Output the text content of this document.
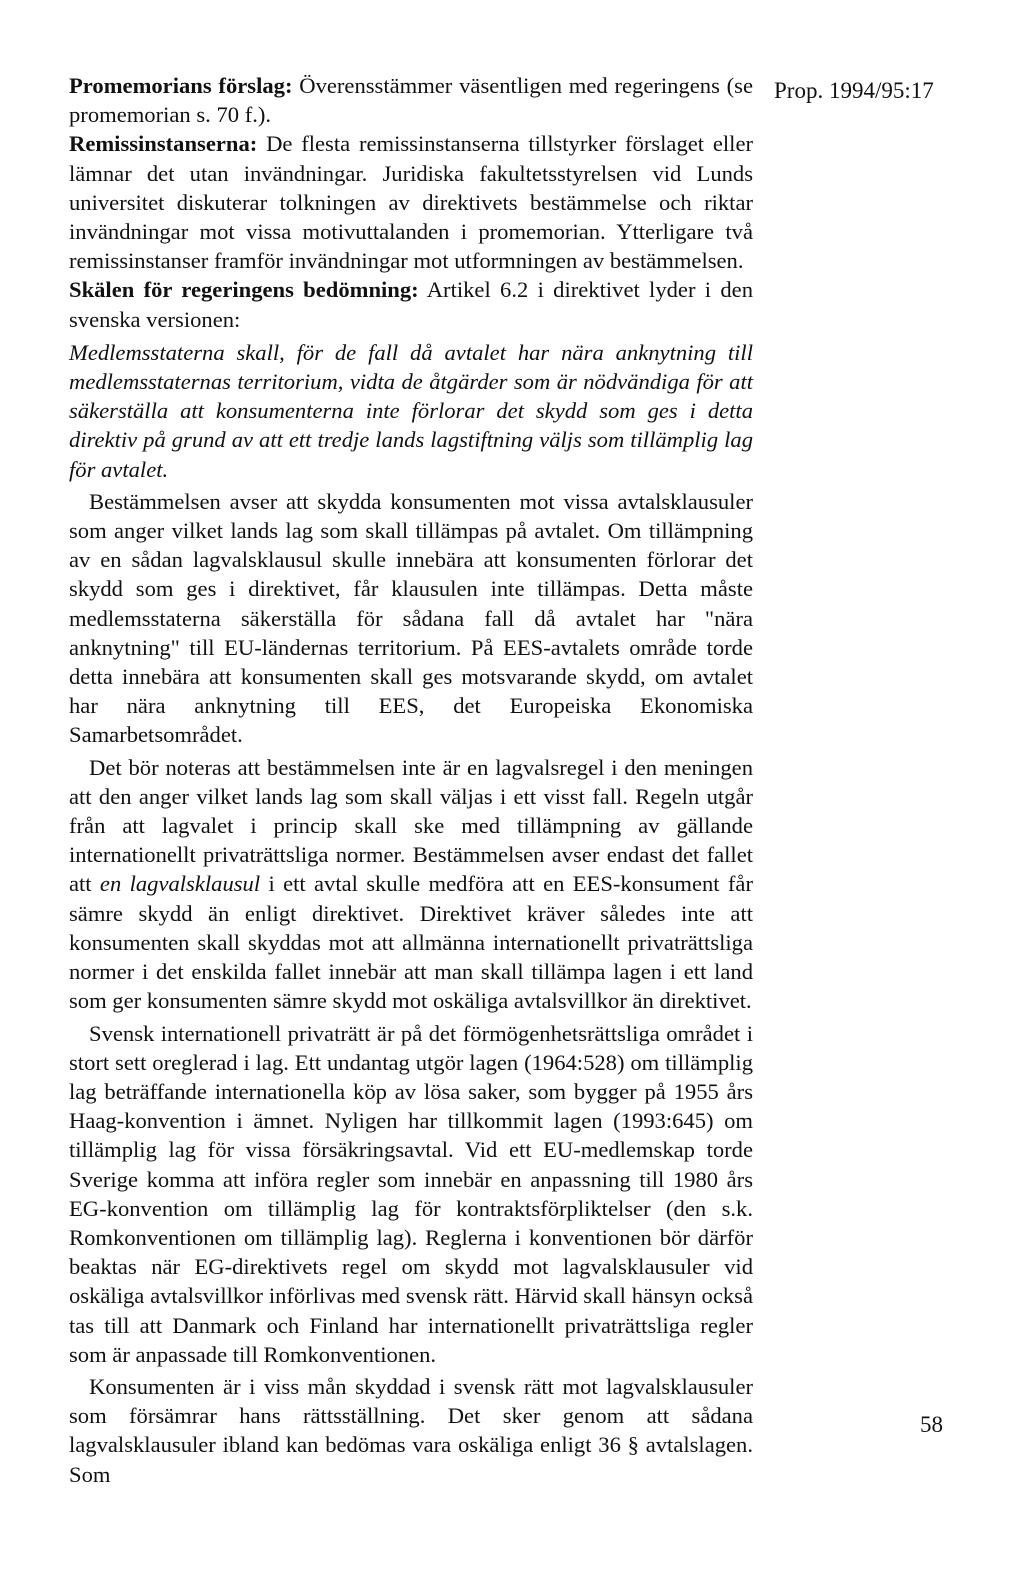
Promemorians förslag: Överensstämmer väsentligen med regeringens (se promemorian s. 70 f.).

Remissinstanserna: De flesta remissinstanserna tillstyrker förslaget eller lämnar det utan invändningar. Juridiska fakultetsstyrelsen vid Lunds universitet diskuterar tolkningen av direktivets bestämmelse och riktar invändningar mot vissa motivuttalanden i promemorian. Ytterligare två remissinstanser framför invändningar mot utformningen av bestämmelsen.

Skälen för regeringens bedömning: Artikel 6.2 i direktivet lyder i den svenska versionen:

Medlemsstaterna skall, för de fall då avtalet har nära anknytning till medlemsstaternas territorium, vidta de åtgärder som är nödvändiga för att säkerställa att konsumenterna inte förlorar det skydd som ges i detta direktiv på grund av att ett tredje lands lagstiftning väljs som tillämplig lag för avtalet.

Bestämmelsen avser att skydda konsumenten mot vissa avtalsklausuler som anger vilket lands lag som skall tillämpas på avtalet. Om tillämpning av en sådan lagvalsklausul skulle innebära att konsumenten förlorar det skydd som ges i direktivet, får klausulen inte tillämpas. Detta måste medlemsstaterna säkerställa för sådana fall då avtalet har "nära anknytning" till EU-ländernas territorium. På EES-avtalets område torde detta innebära att konsumenten skall ges motsvarande skydd, om avtalet har nära anknytning till EES, det Europeiska Ekonomiska Samarbetsområdet.

Det bör noteras att bestämmelsen inte är en lagvalsregel i den meningen att den anger vilket lands lag som skall väljas i ett visst fall. Regeln utgår från att lagvalet i princip skall ske med tillämpning av gällande internationellt privaträttsliga normer. Bestämmelsen avser endast det fallet att en lagvalsklausul i ett avtal skulle medföra att en EES-konsument får sämre skydd än enligt direktivet. Direktivet kräver således inte att konsumenten skall skyddas mot att allmänna internationellt privaträttsliga normer i det enskilda fallet innebär att man skall tillämpa lagen i ett land som ger konsumenten sämre skydd mot oskäliga avtalsvillkor än direktivet.

Svensk internationell privaträtt är på det förmögenhetsrättsliga området i stort sett oreglerad i lag. Ett undantag utgör lagen (1964:528) om tillämplig lag beträffande internationella köp av lösa saker, som bygger på 1955 års Haag-konvention i ämnet. Nyligen har tillkommit lagen (1993:645) om tillämplig lag för vissa försäkringsavtal. Vid ett EU-medlemskap torde Sverige komma att införa regler som innebär en anpassning till 1980 års EG-konvention om tillämplig lag för kontraktsförpliktelser (den s.k. Romkonventionen om tillämplig lag). Reglerna i konventionen bör därför beaktas när EG-direktivets regel om skydd mot lagvalsklausuler vid oskäliga avtalsvillkor införlivas med svensk rätt. Härvid skall hänsyn också tas till att Danmark och Finland har internationellt privaträttsliga regler som är anpassade till Romkonventionen.

Konsumenten är i viss mån skyddad i svensk rätt mot lagvalsklausuler som försämrar hans rättsställning. Det sker genom att sådana lagvalsklausuler ibland kan bedömas vara oskäliga enligt 36 § avtalslagen. Som

Prop. 1994/95:17
58
